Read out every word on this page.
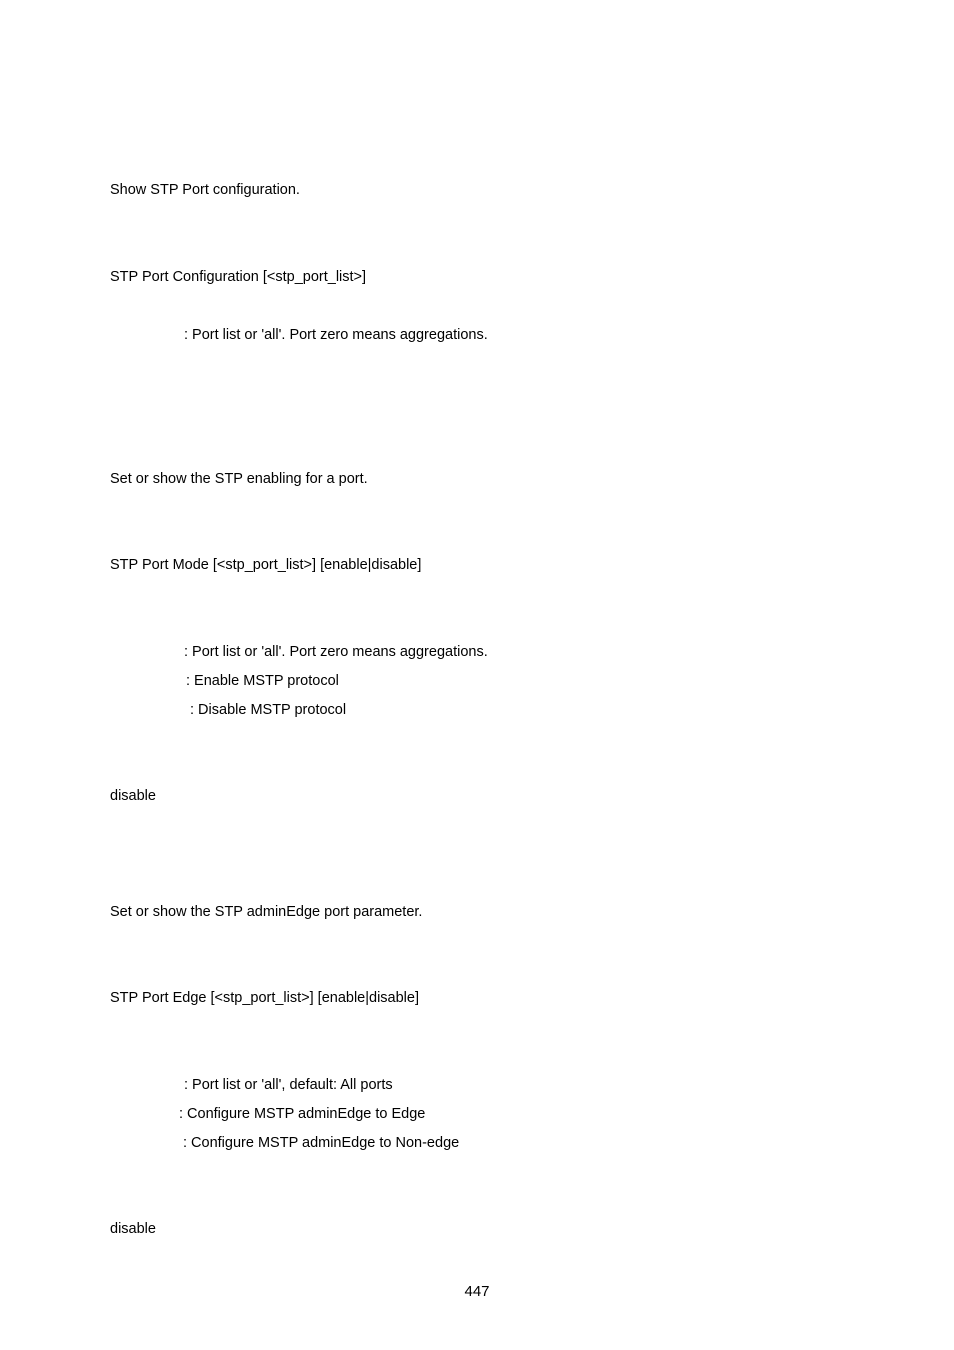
Show STP Port configuration.
STP Port Configuration [<stp_port_list>]
: Port list or 'all'. Port zero means aggregations.
Set or show the STP enabling for a port.
STP Port Mode [<stp_port_list>] [enable|disable]
: Port list or 'all'. Port zero means aggregations.
: Enable MSTP protocol
: Disable MSTP protocol
disable
Set or show the STP adminEdge port parameter.
STP Port Edge [<stp_port_list>] [enable|disable]
: Port list or 'all', default: All ports
: Configure MSTP adminEdge to Edge
: Configure MSTP adminEdge to Non-edge
disable
447
